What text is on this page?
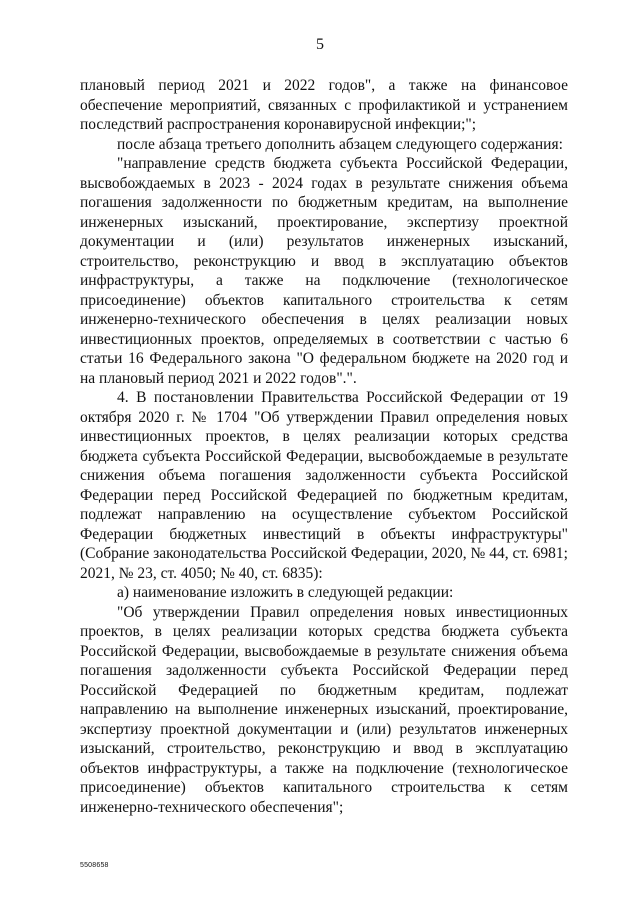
5

плановый период 2021 и 2022 годов", а также на финансовое обеспечение мероприятий, связанных с профилактикой и устранением последствий распространения коронавирусной инфекции;";

после абзаца третьего дополнить абзацем следующего содержания:

"направление средств бюджета субъекта Российской Федерации, высвобождаемых в 2023 - 2024 годах в результате снижения объема погашения задолженности по бюджетным кредитам, на выполнение инженерных изысканий, проектирование, экспертизу проектной документации и (или) результатов инженерных изысканий, строительство, реконструкцию и ввод в эксплуатацию объектов инфраструктуры, а также на подключение (технологическое присоединение) объектов капитального строительства к сетям инженерно-технического обеспечения в целях реализации новых инвестиционных проектов, определяемых в соответствии с частью 6 статьи 16 Федерального закона "О федеральном бюджете на 2020 год и на плановый период 2021 и 2022 годов".".

4. В постановлении Правительства Российской Федерации от 19 октября 2020 г. № 1704 "Об утверждении Правил определения новых инвестиционных проектов, в целях реализации которых средства бюджета субъекта Российской Федерации, высвобождаемые в результате снижения объема погашения задолженности субъекта Российской Федерации перед Российской Федерацией по бюджетным кредитам, подлежат направлению на осуществление субъектом Российской Федерации бюджетных инвестиций в объекты инфраструктуры" (Собрание законодательства Российской Федерации, 2020, № 44, ст. 6981; 2021, № 23, ст. 4050; № 40, ст. 6835):

а) наименование изложить в следующей редакции:

"Об утверждении Правил определения новых инвестиционных проектов, в целях реализации которых средства бюджета субъекта Российской Федерации, высвобождаемые в результате снижения объема погашения задолженности субъекта Российской Федерации перед Российской Федерацией по бюджетным кредитам, подлежат направлению на выполнение инженерных изысканий, проектирование, экспертизу проектной документации и (или) результатов инженерных изысканий, строительство, реконструкцию и ввод в эксплуатацию объектов инфраструктуры, а также на подключение (технологическое присоединение) объектов капитального строительства к сетям инженерно-технического обеспечения";

5508658
